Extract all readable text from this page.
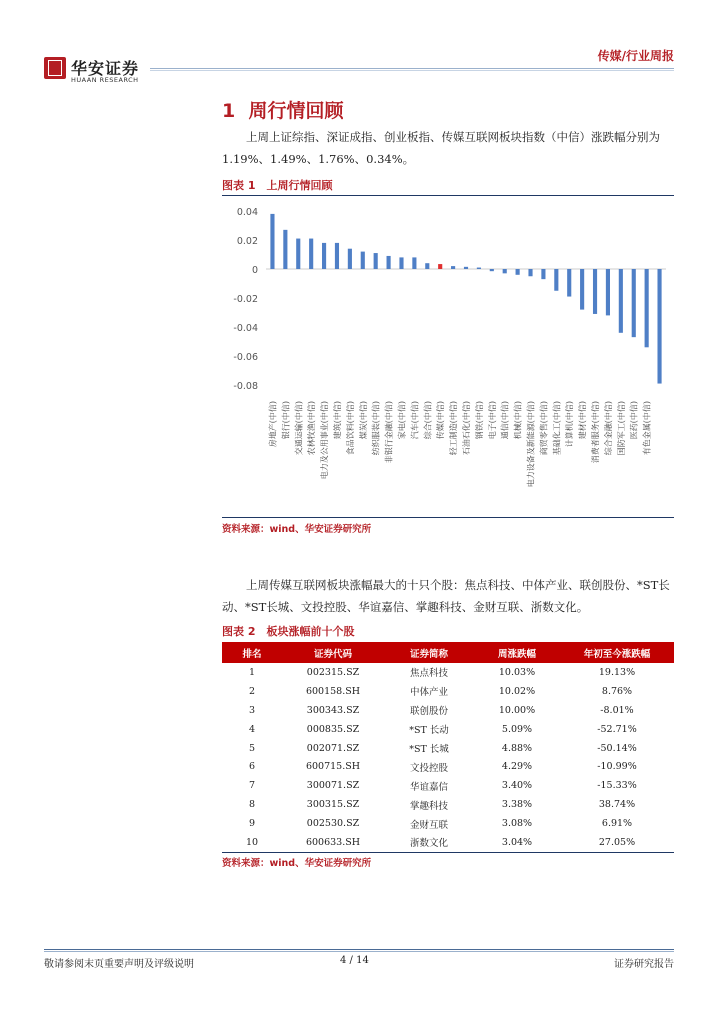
华安证券
HUAAN RESEARCH
传媒/行业周报
1 周行情回顾
上周上证综指、深证成指、创业板指、传媒互联网板块指数（中信）涨跌幅分别为1.19%、1.49%、1.76%、0.34%。
图表 1　上周行情回顾
0.04
0.02
0
-0.02
-0.04
-0.06
-0.08
房地产(中信) 银行(中信) 交通运输(中信) 农林牧渔(中信) 电力及公用事业(中信) 建筑(中信) 食品饮料(中信) 煤炭(中信) 纺织服装(中信) 非银行金融(中信) 家电(中信) 汽车(中信) 综合(中信) 传媒(中信) 轻工制造(中信) 石油石化(中信) 钢铁(中信) 电子(中信) 通信(中信) 机械(中信) 电力设备及新能源(中信) 商贸零售(中信) 基础化工(中信) 计算机(中信) 建材(中信) 消费者服务(中信) 综合金融(中信) 国防军工(中信) 医药(中信) 有色金属(中信)
资料来源：wind、华安证券研究所
上周传媒互联网板块涨幅最大的十只个股：焦点科技、中体产业、联创股份、*ST长动、*ST长城、文投控股、华谊嘉信、掌趣科技、金财互联、浙数文化。
图表 2　板块涨幅前十个股
排名	证券代码	证券简称	周涨跌幅	年初至今涨跌幅
1	002315.SZ	焦点科技	10.03%	19.13%
2	600158.SH	中体产业	10.02%	8.76%
3	300343.SZ	联创股份	10.00%	-8.01%
4	000835.SZ	*ST 长动	5.09%	-52.71%
5	002071.SZ	*ST 长城	4.88%	-50.14%
6	600715.SH	文投控股	4.29%	-10.99%
7	300071.SZ	华谊嘉信	3.40%	-15.33%
8	300315.SZ	掌趣科技	3.38%	38.74%
9	002530.SZ	金财互联	3.08%	6.91%
10	600633.SH	浙数文化	3.04%	27.05%
资料来源：wind、华安证券研究所
敬请参阅末页重要声明及评级说明	4 / 14	证券研究报告
